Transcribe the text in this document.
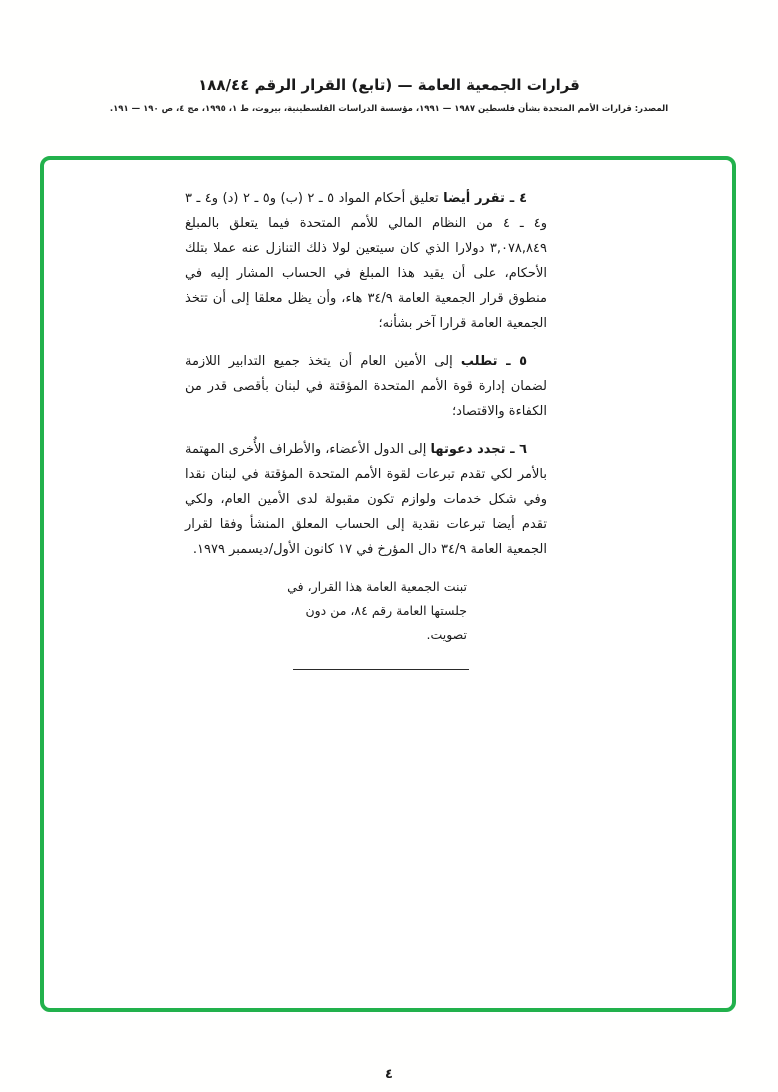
قرارات الجمعية العامة — (تابع) القرار الرقم ١٨٨/٤٤
المصدر: قرارات الأمم المتحدة بشأن فلسطين ١٩٨٧ — ١٩٩١، مؤسسة الدراسات الفلسطينية، بيروت، ط ١، ١٩٩٥، مج ٤، ص ١٩٠ — ١٩١.

٤ ـ تقرر أيضا تعليق أحكام المواد ٥ ـ ٢ (ب) و٥ ـ ٢ (د) و٤ ـ ٣ و٤ ـ ٤ من النظام المالي للأمم المتحدة فيما يتعلق بالمبلغ ٣,٠٧٨,٨٤٩ دولارا الذي كان سيتعين لولا ذلك التنازل عنه عملا بتلك الأحكام، على أن يقيد هذا المبلغ في الحساب المشار إليه في منطوق قرار الجمعية العامة ٣٤/٩ هاء، وأن يظل معلقا إلى أن تتخذ الجمعية العامة قرارا آخر بشأنه؛

٥ ـ تطلب إلى الأمين العام أن يتخذ جميع التدابير اللازمة لضمان إدارة قوة الأمم المتحدة المؤقتة في لبنان بأقصى قدر من الكفاءة والاقتصاد؛

٦ ـ تجدد دعوتها إلى الدول الأعضاء، والأطراف الأُخرى المهتمة بالأمر لكي تقدم تبرعات لقوة الأمم المتحدة المؤقتة في لبنان نقدا وفي شكل خدمات ولوازم تكون مقبولة لدى الأمين العام، ولكي تقدم أيضا تبرعات نقدية إلى الحساب المعلق المنشأ وفقا لقرار الجمعية العامة ٣٤/٩ دال المؤرخ في ١٧ كانون الأول/ديسمبر ١٩٧٩.

تبنت الجمعية العامة هذا القرار، في جلستها العامة رقم ٨٤، من دون تصويت.

٤
